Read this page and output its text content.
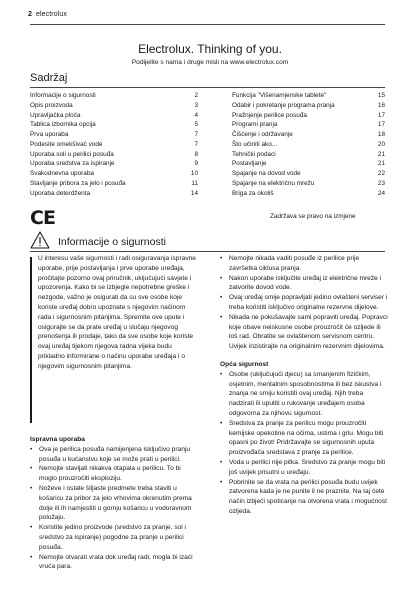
2 electrolux
Electrolux. Thinking of you.
Podijelite s nama i druge misli na www.electrolux.com
Sadržaj
Informacije o sigurnosti	2
Opis proizvoda	3
Upravljačka ploča	4
Tablica izbornika opcija	5
Prva uporaba	7
Podesite omekšivač vode	7
Uporaba soli u perilici posuđa	8
Uporaba sredstva za ispiranje	9
Svakodnevna uporaba	10
Stavljanje pribora za jelo i posuđa	11
Uporaba deterdženta	14
Funkcija "Višenamjenske tablete"	15
Odabir i pokretanje programa pranja	16
Pražnjenje perilice posuđa	17
Programi pranja	17
Čišćenje i održavanje	18
Što učiniti ako...	20
Tehnički podaci	21
Postavljanje	21
Spajanje na dovod vode	22
Spajanje na električnu mrežu	23
Briga za okoliš	24
CE	Zadržava se pravo na izmjene
Informacije o sigurnosti

U interesu vaše sigurnosti i radi osiguravanja ispravne uporabe, prije postavljanja i prve uporabe uređaja, pročitajte pozorno ovaj priručnik, uključujući savjete i upozorenja. Kako bi se izbjegle nepotrebne greške i nezgode, važno je osigurati da su sve osobe koje koriste uređaj dobro upoznate s njegovim načinom rada i sigurnosnim pitanjima. Spremite ove upute i osigurajte se da prate uređaj u slučaju njegovog prenošenja ili prodaje, tako da sve osobe koje koriste ovaj uređaj tijekom njegova radna vijeka budu prikladno informirane o načinu uporabe uređaja i o njegovim sigurnosnim pitanjima.

Ispravna uporaba

• Ova je perilica posuđa namijenjena isključivo pranju posuđa u kućanstvu koje se može prati u perilici.

• Nemojte stavljati nikakva otapala u perilicu. To bi moglo prouzročiti eksploziju.

• Noževe i ostale šiljaste predmete treba staviti u košaricu za pribor za jelo vrhovima okrenutim prema dolje ili ih namjestiti u gornju košaricu u vodoravnom položaju.

• Koristite jedino proizvode (sredstvo za pranje, sol i sredstvo za ispiranje) pogodne za pranje u perilici posuđa.

• Nemojte otvarati vrata dok uređaj radi, mogla bi izaći vruća para.

• Nemojte nikada vaditi posuđe iz perilice prije završetka ciklusa pranja.

• Nakon uporabe isključite uređaj iz električne mreže i zatvorite dovod vode.

• Ovaj uređaj smije popravljati jedino ovlašteni serviser i treba koristiti isključivo originalne rezervne dijelove.

• Nikada ne pokušavajte sami popraviti uređaj. Popravci koje obave neiskusne osobe prouzročit će ozljede ili loš rad. Obratite se ovlaštenom servisnom centru. Uvijek inzistirajte na originalnim rezervnim dijelovima.

Opća sigurnost

• Osobe (uključujući djecu) sa smanjenim fizičkim, osjetnim, mentalnim sposobnostima ili bez iskustva i znanja ne smiju koristiti ovaj uređaj. Njih treba nadzirati ili uputiti u rukovanje uređajem osoba odgovorna za njihovu sigurnost.

• Sredstva za pranje za perilicu mogu prouzročiti kemijske opekotine na očima, ustima i grlu. Mogu biti opasni po život! Pridržavajte se sigurnosnih uputa proizvođača sredstava z pranje za perilice.

• Voda u perilici nije pitka. Sredstvo za pranje mogu biti još uvijek prisutni u uređaju.

• Pobrinite se da vrata na perilici posuđa budu uvijek zatvorena kada je ne punite il ne praznite. Na taj ćete način izbjeći spoticanje na otvorena vrata i mogućnost ozljeda.
